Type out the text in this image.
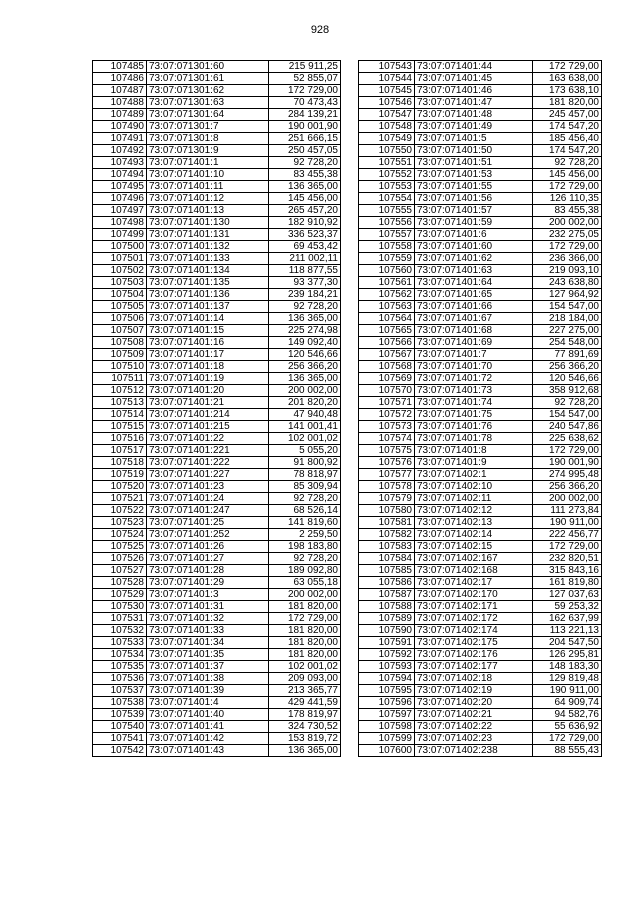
928
107485	73:07:071301:60	215 911,25
107486	73:07:071301:61	52 855,07
107487	73:07:071301:62	172 729,00
107488	73:07:071301:63	70 473,43
107489	73:07:071301:64	284 139,21
107490	73:07:071301:7	190 001,90
107491	73:07:071301:8	251 666,15
107492	73:07:071301:9	250 457,05
107493	73:07:071401:1	92 728,20
107494	73:07:071401:10	83 455,38
107495	73:07:071401:11	136 365,00
107496	73:07:071401:12	145 456,00
107497	73:07:071401:13	265 457,20
107498	73:07:071401:130	182 910,92
107499	73:07:071401:131	336 523,37
107500	73:07:071401:132	69 453,42
107501	73:07:071401:133	211 002,11
107502	73:07:071401:134	118 877,55
107503	73:07:071401:135	93 377,30
107504	73:07:071401:136	239 184,21
107505	73:07:071401:137	92 728,20
107506	73:07:071401:14	136 365,00
107507	73:07:071401:15	225 274,98
107508	73:07:071401:16	149 092,40
107509	73:07:071401:17	120 546,66
107510	73:07:071401:18	256 366,20
107511	73:07:071401:19	136 365,00
107512	73:07:071401:20	200 002,00
107513	73:07:071401:21	201 820,20
107514	73:07:071401:214	47 940,48
107515	73:07:071401:215	141 001,41
107516	73:07:071401:22	102 001,02
107517	73:07:071401:221	5 055,20
107518	73:07:071401:222	91 800,92
107519	73:07:071401:227	78 818,97
107520	73:07:071401:23	85 309,94
107521	73:07:071401:24	92 728,20
107522	73:07:071401:247	68 526,14
107523	73:07:071401:25	141 819,60
107524	73:07:071401:252	2 259,50
107525	73:07:071401:26	198 183,80
107526	73:07:071401:27	92 728,20
107527	73:07:071401:28	189 092,80
107528	73:07:071401:29	63 055,18
107529	73:07:071401:3	200 002,00
107530	73:07:071401:31	181 820,00
107531	73:07:071401:32	172 729,00
107532	73:07:071401:33	181 820,00
107533	73:07:071401:34	181 820,00
107534	73:07:071401:35	181 820,00
107535	73:07:071401:37	102 001,02
107536	73:07:071401:38	209 093,00
107537	73:07:071401:39	213 365,77
107538	73:07:071401:4	429 441,59
107539	73:07:071401:40	178 819,97
107540	73:07:071401:41	324 730,52
107541	73:07:071401:42	153 819,72
107542	73:07:071401:43	136 365,00
107543	73:07:071401:44	172 729,00
107544	73:07:071401:45	163 638,00
107545	73:07:071401:46	173 638,10
107546	73:07:071401:47	181 820,00
107547	73:07:071401:48	245 457,00
107548	73:07:071401:49	174 547,20
107549	73:07:071401:5	185 456,40
107550	73:07:071401:50	174 547,20
107551	73:07:071401:51	92 728,20
107552	73:07:071401:53	145 456,00
107553	73:07:071401:55	172 729,00
107554	73:07:071401:56	126 110,35
107555	73:07:071401:57	83 455,38
107556	73:07:071401:59	200 002,00
107557	73:07:071401:6	232 275,05
107558	73:07:071401:60	172 729,00
107559	73:07:071401:62	236 366,00
107560	73:07:071401:63	219 093,10
107561	73:07:071401:64	243 638,80
107562	73:07:071401:65	127 964,92
107563	73:07:071401:66	154 547,00
107564	73:07:071401:67	218 184,00
107565	73:07:071401:68	227 275,00
107566	73:07:071401:69	254 548,00
107567	73:07:071401:7	77 891,69
107568	73:07:071401:70	256 366,20
107569	73:07:071401:72	120 546,66
107570	73:07:071401:73	358 912,68
107571	73:07:071401:74	92 728,20
107572	73:07:071401:75	154 547,00
107573	73:07:071401:76	240 547,86
107574	73:07:071401:78	225 638,62
107575	73:07:071401:8	172 729,00
107576	73:07:071401:9	190 001,90
107577	73:07:071402:1	274 995,48
107578	73:07:071402:10	256 366,20
107579	73:07:071402:11	200 002,00
107580	73:07:071402:12	111 273,84
107581	73:07:071402:13	190 911,00
107582	73:07:071402:14	222 456,77
107583	73:07:071402:15	172 729,00
107584	73:07:071402:167	232 820,51
107585	73:07:071402:168	315 843,16
107586	73:07:071402:17	161 819,80
107587	73:07:071402:170	127 037,63
107588	73:07:071402:171	59 253,32
107589	73:07:071402:172	162 637,99
107590	73:07:071402:174	113 221,13
107591	73:07:071402:175	204 547,50
107592	73:07:071402:176	126 295,81
107593	73:07:071402:177	148 183,30
107594	73:07:071402:18	129 819,48
107595	73:07:071402:19	190 911,00
107596	73:07:071402:20	64 909,74
107597	73:07:071402:21	94 582,76
107598	73:07:071402:22	55 636,92
107599	73:07:071402:23	172 729,00
107600	73:07:071402:238	88 555,43
